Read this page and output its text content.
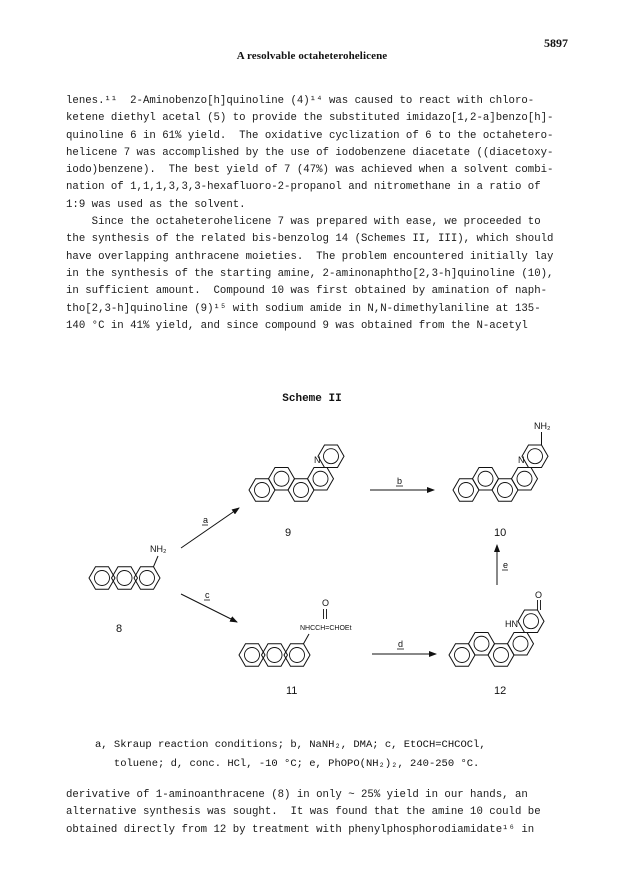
A resolvable octaheterohelicene
5897
lenes.¹¹  2-Aminobenzo[h]quinoline (4)¹⁴ was caused to react with chloro-
ketene diethyl acetal (5) to provide the substituted imidazo[1,2-a]benzo[h]-
quinoline 6 in 61% yield.  The oxidative cyclization of 6 to the octahetero-
helicene 7 was accomplished by the use of iodobenzene diacetate ((diacetoxy-
iodo)benzene).  The best yield of 7 (47%) was achieved when a solvent combi-
nation of 1,1,1,3,3,3-hexafluoro-2-propanol and nitromethane in a ratio of
1:9 was used as the solvent.
Since the octaheterohelicene 7 was prepared with ease, we proceeded to
the synthesis of the related bis-benzolog 14 (Schemes II, III), which should
have overlapping anthracene moieties.  The problem encountered initially lay
in the synthesis of the starting amine, 2-aminonaphtho[2,3-h]quinoline (10),
in sufficient amount.  Compound 10 was first obtained by amination of naph-
tho[2,3-h]quinoline (9)¹⁵ with sodium amide in N,N-dimethylaniline at 135-
140 °C in 41% yield, and since compound 9 was obtained from the N-acetyl
Scheme II
N
9
N
NH₂
10
NH₂
8
O
NHCCH=CHOEt
11
O
HN
12
a
c
b
d
e
a, Skraup reaction conditions; b, NaNH₂, DMA; c, EtOCH=CHCOCl,
toluene; d, conc. HCl, -10 °C; e, PhOPO(NH₂)₂, 240-250 °C.
derivative of 1-aminoanthracene (8) in only ~ 25% yield in our hands, an
alternative synthesis was sought.  It was found that the amine 10 could be
obtained directly from 12 by treatment with phenylphosphorodiamidate¹⁶ in
